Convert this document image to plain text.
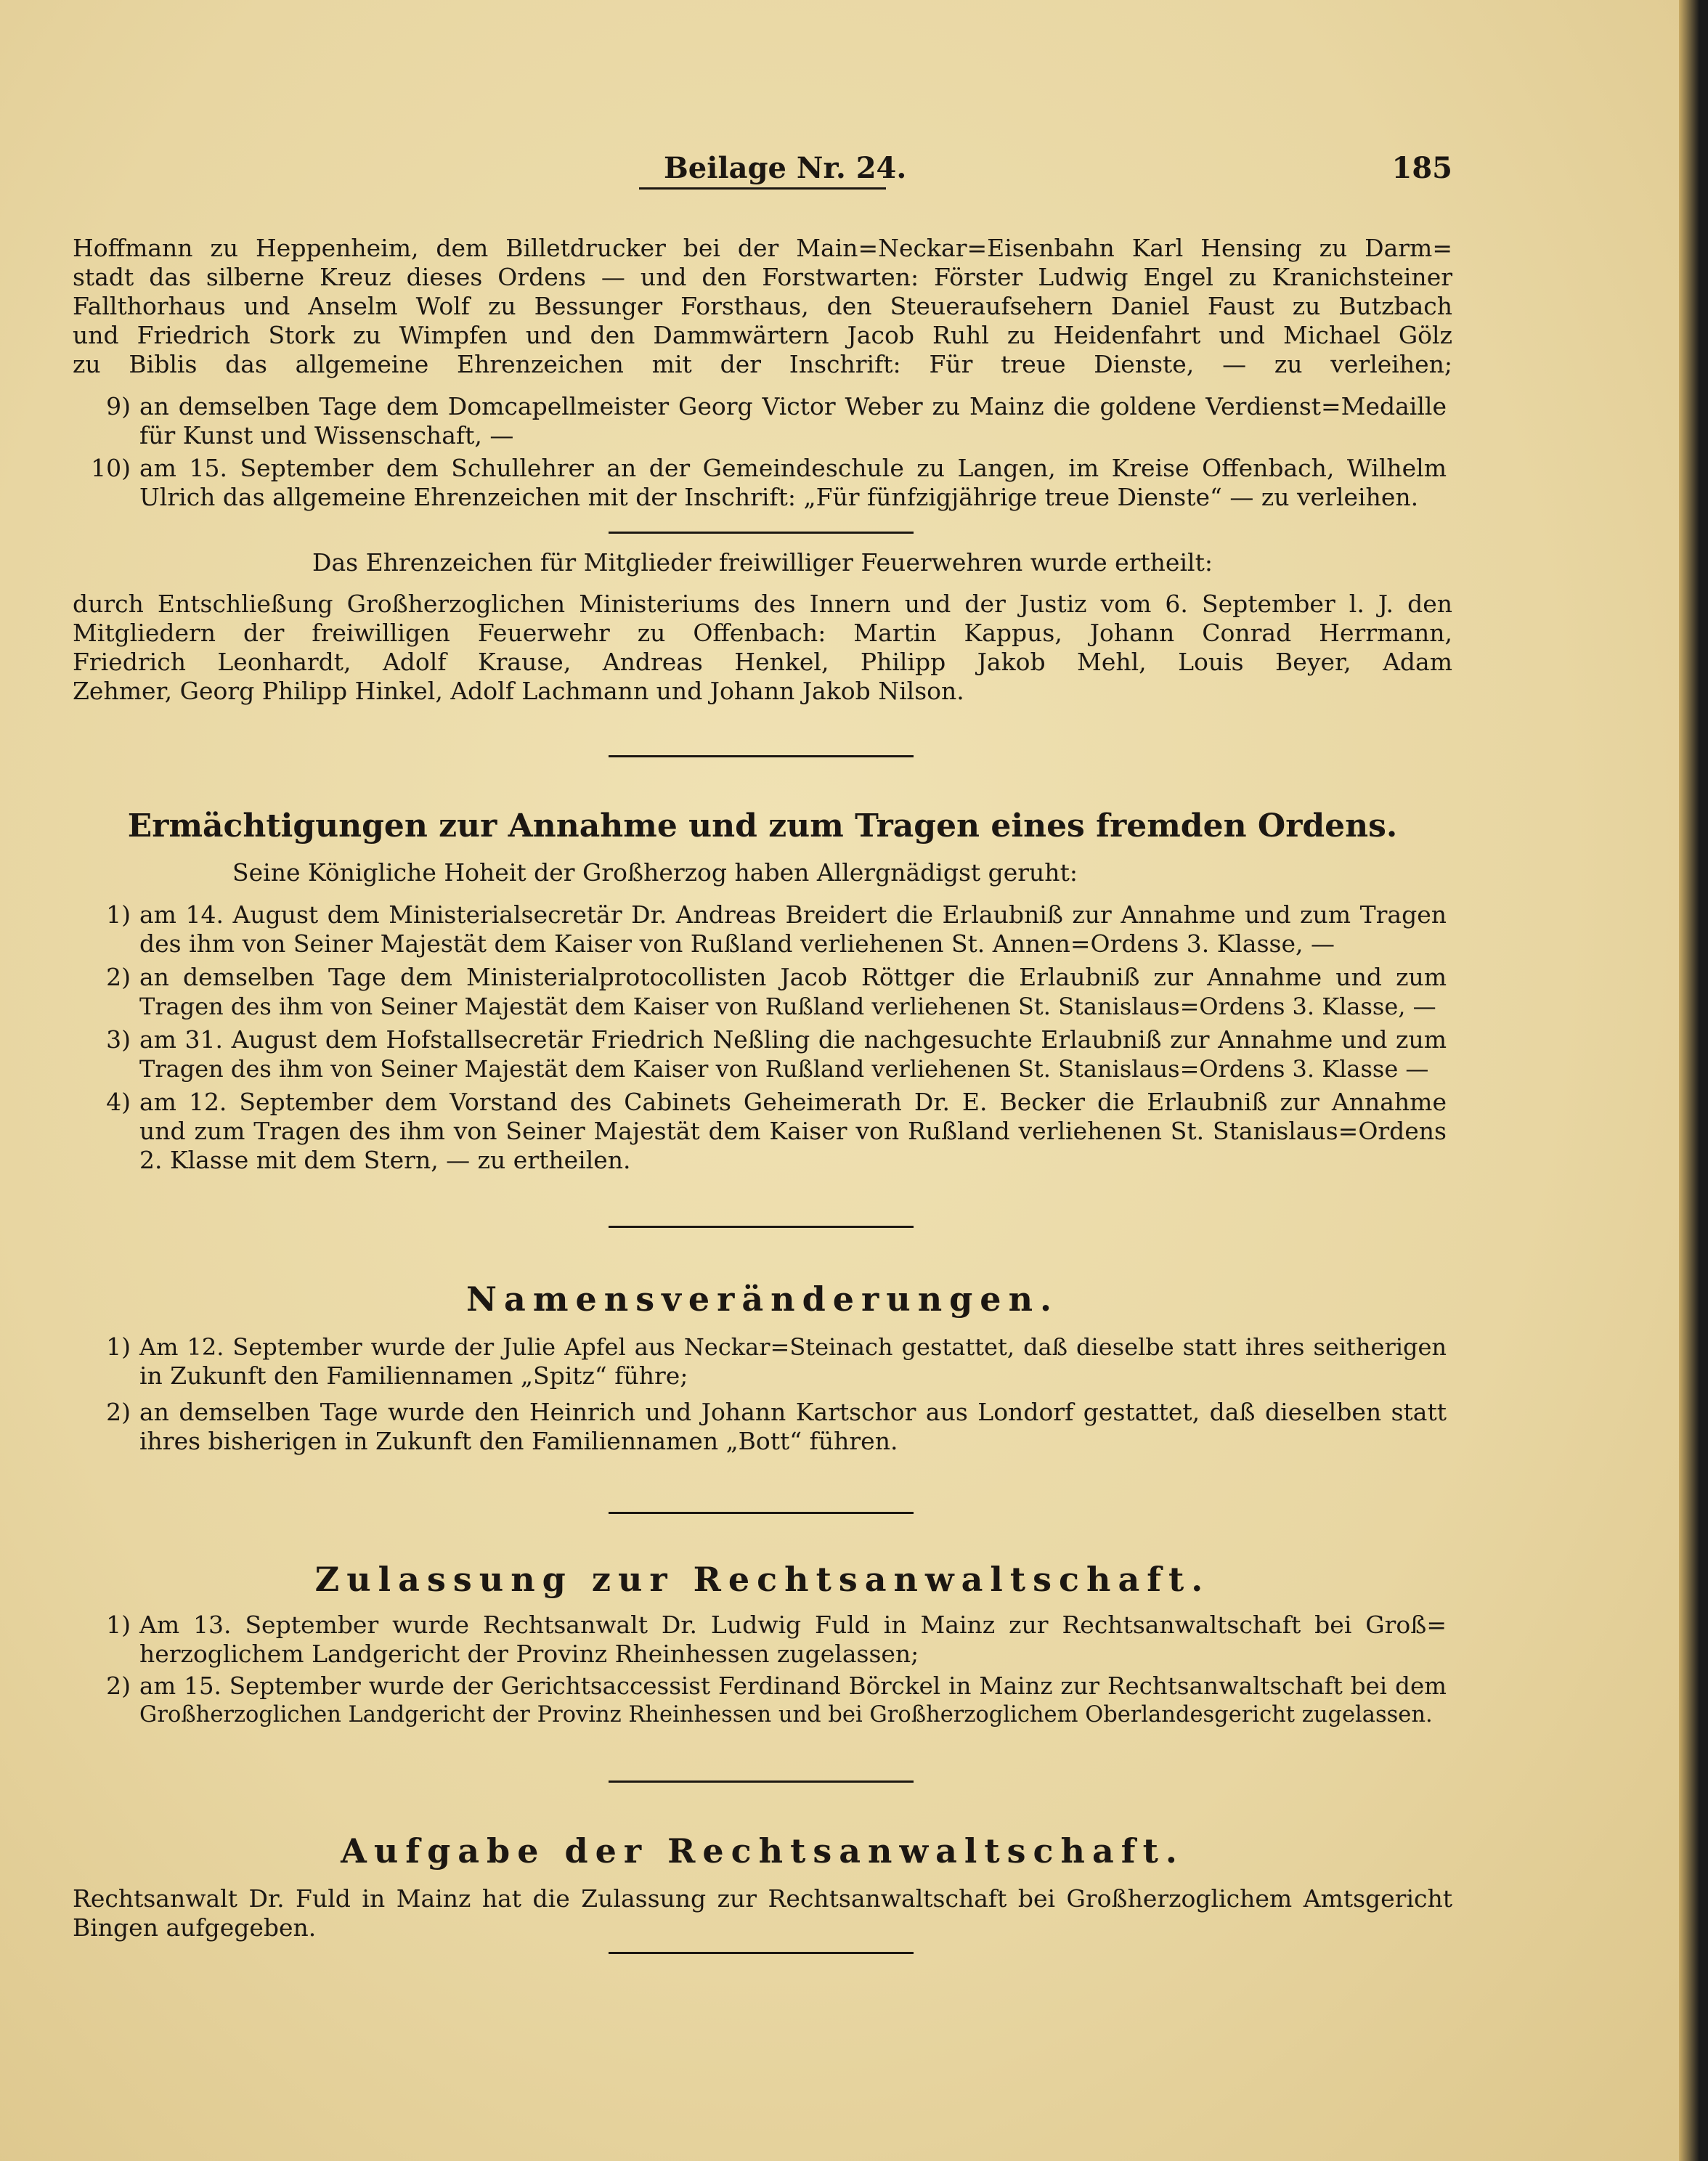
Beilage Nr. 24.	185
Hoffmann zu Heppenheim, dem Billetdrucker bei der Main=Neckar=Eisenbahn Karl Hensing zu Darm=
stadt das silberne Kreuz dieses Ordens — und den Forstwarten: Förster Ludwig Engel zu Kranichsteiner
Fallthorhaus und Anselm Wolf zu Bessunger Forsthaus, den Steueraufsehern Daniel Faust zu Butzbach
und Friedrich Stork zu Wimpfen und den Dammwärtern Jacob Ruhl zu Heidenfahrt und Michael Gölz
zu Biblis das allgemeine Ehrenzeichen mit der Inschrift: Für treue Dienste, — zu verleihen;
9) an demselben Tage dem Domcapellmeister Georg Victor Weber zu Mainz die goldene Verdienst=Medaille
für Kunst und Wissenschaft, —
10) am 15. September dem Schullehrer an der Gemeindeschule zu Langen, im Kreise Offenbach, Wilhelm
Ulrich das allgemeine Ehrenzeichen mit der Inschrift: „Für fünfzigjährige treue Dienste“ — zu verleihen.
Das Ehrenzeichen für Mitglieder freiwilliger Feuerwehren wurde ertheilt:
durch Entschließung Großherzoglichen Ministeriums des Innern und der Justiz vom 6. September l. J. den
Mitgliedern der freiwilligen Feuerwehr zu Offenbach: Martin Kappus, Johann Conrad Herrmann,
Friedrich Leonhardt, Adolf Krause, Andreas Henkel, Philipp Jakob Mehl, Louis Beyer, Adam
Zehmer, Georg Philipp Hinkel, Adolf Lachmann und Johann Jakob Nilson.
Ermächtigungen zur Annahme und zum Tragen eines fremden Ordens.
Seine Königliche Hoheit der Großherzog haben Allergnädigst geruht:
1) am 14. August dem Ministerialsecretär Dr. Andreas Breidert die Erlaubniß zur Annahme und zum Tragen
des ihm von Seiner Majestät dem Kaiser von Rußland verliehenen St. Annen=Ordens 3. Klasse, —
2) an demselben Tage dem Ministerialprotocollisten Jacob Röttger die Erlaubniß zur Annahme und zum
Tragen des ihm von Seiner Majestät dem Kaiser von Rußland verliehenen St. Stanislaus=Ordens 3. Klasse, —
3) am 31. August dem Hofstallsecretär Friedrich Neßling die nachgesuchte Erlaubniß zur Annahme und zum
Tragen des ihm von Seiner Majestät dem Kaiser von Rußland verliehenen St. Stanislaus=Ordens 3. Klasse —
4) am 12. September dem Vorstand des Cabinets Geheimerath Dr. E. Becker die Erlaubniß zur Annahme
und zum Tragen des ihm von Seiner Majestät dem Kaiser von Rußland verliehenen St. Stanislaus=Ordens
2. Klasse mit dem Stern, — zu ertheilen.
Namensveränderungen.
1) Am 12. September wurde der Julie Apfel aus Neckar=Steinach gestattet, daß dieselbe statt ihres seitherigen
in Zukunft den Familiennamen „Spitz“ führe;
2) an demselben Tage wurde den Heinrich und Johann Kartschor aus Londorf gestattet, daß dieselben statt
ihres bisherigen in Zukunft den Familiennamen „Bott“ führen.
Zulassung zur Rechtsanwaltschaft.
1) Am 13. September wurde Rechtsanwalt Dr. Ludwig Fuld in Mainz zur Rechtsanwaltschaft bei Groß=
herzoglichem Landgericht der Provinz Rheinhessen zugelassen;
2) am 15. September wurde der Gerichtsaccessist Ferdinand Börckel in Mainz zur Rechtsanwaltschaft bei dem
Großherzoglichen Landgericht der Provinz Rheinhessen und bei Großherzoglichem Oberlandesgericht zugelassen.
Aufgabe der Rechtsanwaltschaft.
Rechtsanwalt Dr. Fuld in Mainz hat die Zulassung zur Rechtsanwaltschaft bei Großherzoglichem Amtsgericht
Bingen aufgegeben.
